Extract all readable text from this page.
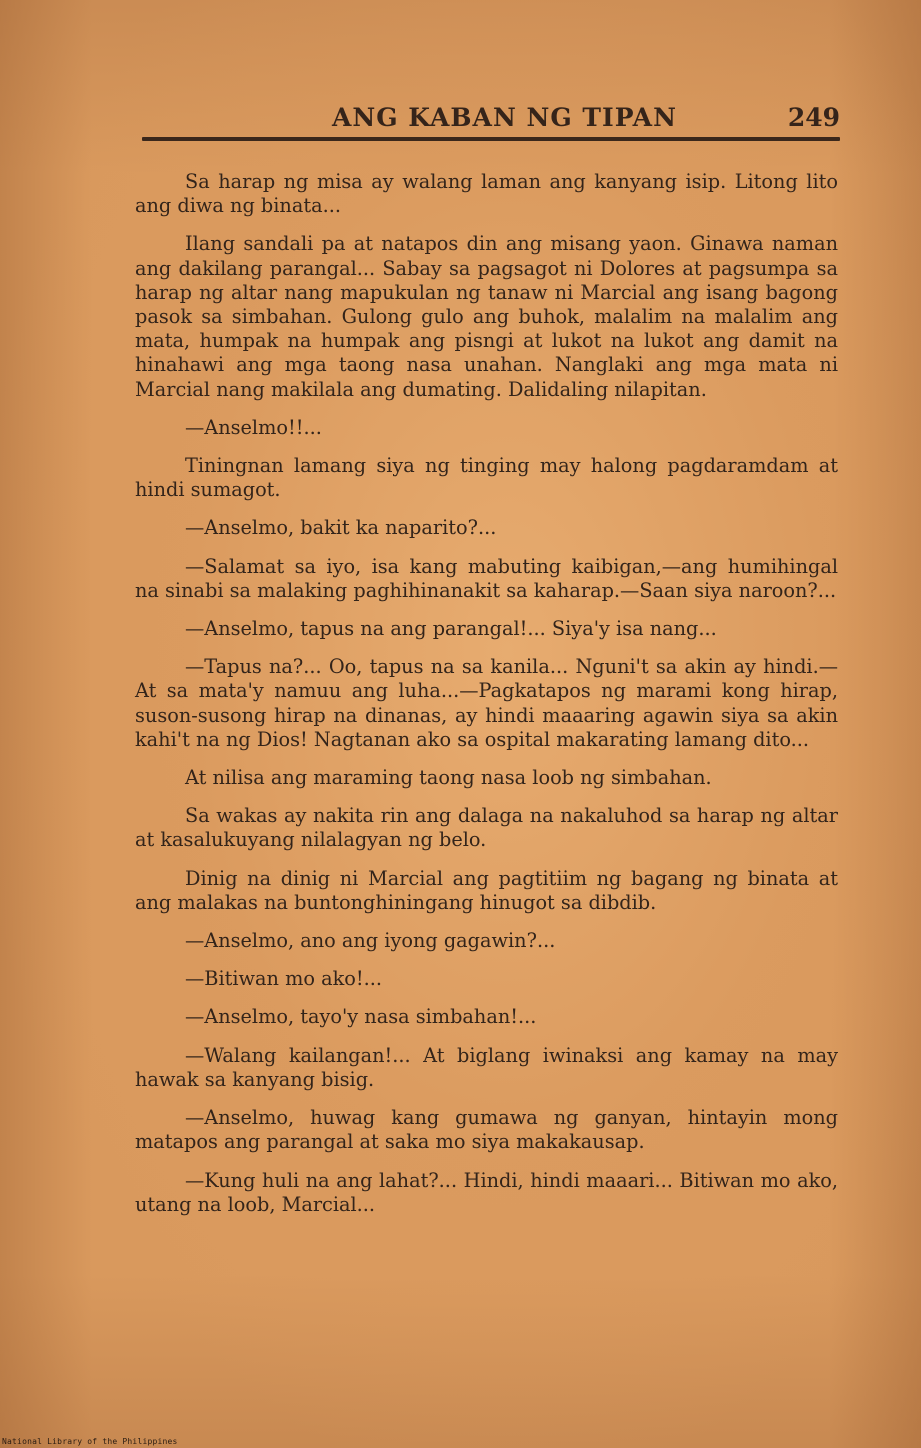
ANG KABAN NG TIPAN	249

Sa harap ng misa ay walang laman ang kanyang isip. Litong lito ang diwa ng binata...

Ilang sandali pa at natapos din ang misang yaon. Ginawa naman ang dakilang parangal... Sabay sa pagsagot ni Dolores at pagsumpa sa harap ng altar nang mapukulan ng tanaw ni Marcial ang isang bagong pasok sa simbahan. Gulong gulo ang buhok, malalim na malalim ang mata, humpak na humpak ang pisngi at lukot na lukot ang damit na hinahawi ang mga taong nasa unahan. Nanglaki ang mga mata ni Marcial nang makilala ang dumating. Dalidaling nilapitan.

—Anselmo!!...

Tiningnan lamang siya ng tinging may halong pagdaramdam at hindi sumagot.

—Anselmo, bakit ka naparito?...

—Salamat sa iyo, isa kang mabuting kaibigan,—ang humihingal na sinabi sa malaking paghihinanakit sa kaharap.—Saan siya naroon?...

—Anselmo, tapus na ang parangal!... Siya'y isa nang...

—Tapus na?... Oo, tapus na sa kanila... Nguni't sa akin ay hindi.—At sa mata'y namuu ang luha...—Pagkatapos ng marami kong hirap, suson-susong hirap na dinanas, ay hindi maaaring agawin siya sa akin kahi't na ng Dios! Nagtanan ako sa ospital makarating lamang dito...

At nilisa ang maraming taong nasa loob ng simbahan.

Sa wakas ay nakita rin ang dalaga na nakaluhod sa harap ng altar at kasalukuyang nilalagyan ng belo.

Dinig na dinig ni Marcial ang pagtitiim ng bagang ng binata at ang malakas na buntonghiningang hinugot sa dibdib.

—Anselmo, ano ang iyong gagawin?...

—Bitiwan mo ako!...

—Anselmo, tayo'y nasa simbahan!...

—Walang kailangan!... At biglang iwinaksi ang kamay na may hawak sa kanyang bisig.

—Anselmo, huwag kang gumawa ng ganyan, hintayin mong matapos ang parangal at saka mo siya makakausap.

—Kung huli na ang lahat?... Hindi, hindi maaari... Bitiwan mo ako, utang na loob, Marcial...

National Library of the Philippines
